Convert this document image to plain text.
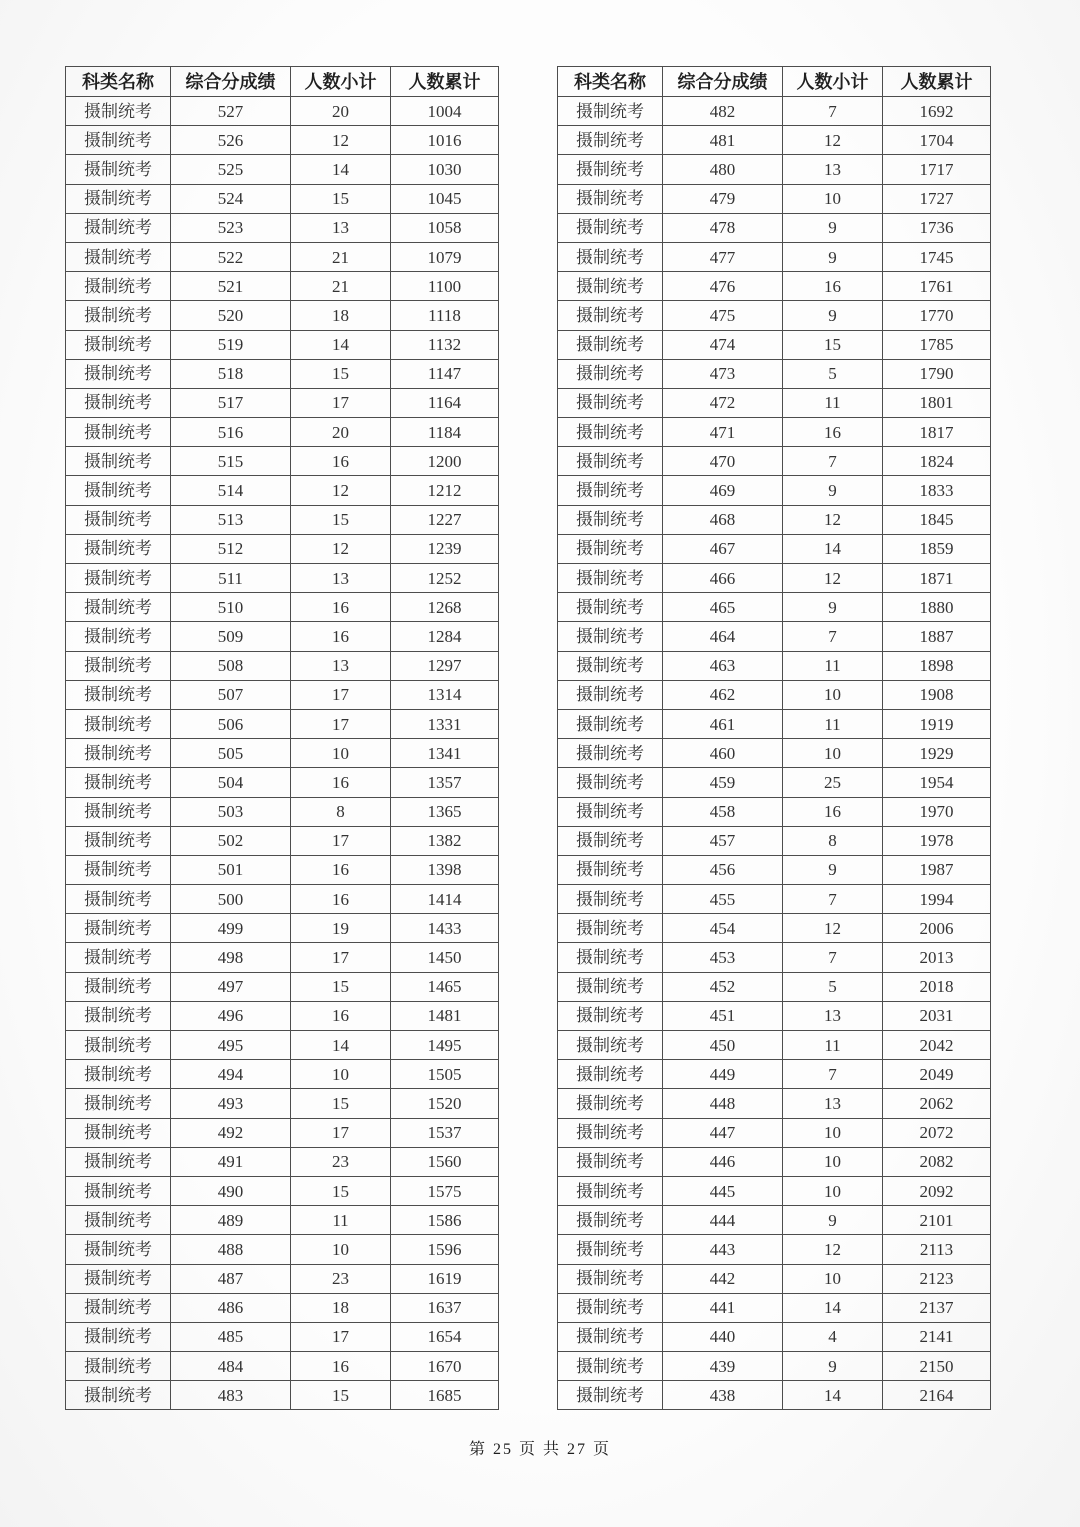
科类名称	综合分成绩	人数小计	人数累计
摄制统考	527	20	1004
摄制统考	526	12	1016
摄制统考	525	14	1030
摄制统考	524	15	1045
摄制统考	523	13	1058
摄制统考	522	21	1079
摄制统考	521	21	1100
摄制统考	520	18	1118
摄制统考	519	14	1132
摄制统考	518	15	1147
摄制统考	517	17	1164
摄制统考	516	20	1184
摄制统考	515	16	1200
摄制统考	514	12	1212
摄制统考	513	15	1227
摄制统考	512	12	1239
摄制统考	511	13	1252
摄制统考	510	16	1268
摄制统考	509	16	1284
摄制统考	508	13	1297
摄制统考	507	17	1314
摄制统考	506	17	1331
摄制统考	505	10	1341
摄制统考	504	16	1357
摄制统考	503	8	1365
摄制统考	502	17	1382
摄制统考	501	16	1398
摄制统考	500	16	1414
摄制统考	499	19	1433
摄制统考	498	17	1450
摄制统考	497	15	1465
摄制统考	496	16	1481
摄制统考	495	14	1495
摄制统考	494	10	1505
摄制统考	493	15	1520
摄制统考	492	17	1537
摄制统考	491	23	1560
摄制统考	490	15	1575
摄制统考	489	11	1586
摄制统考	488	10	1596
摄制统考	487	23	1619
摄制统考	486	18	1637
摄制统考	485	17	1654
摄制统考	484	16	1670
摄制统考	483	15	1685
科类名称	综合分成绩	人数小计	人数累计
摄制统考	482	7	1692
摄制统考	481	12	1704
摄制统考	480	13	1717
摄制统考	479	10	1727
摄制统考	478	9	1736
摄制统考	477	9	1745
摄制统考	476	16	1761
摄制统考	475	9	1770
摄制统考	474	15	1785
摄制统考	473	5	1790
摄制统考	472	11	1801
摄制统考	471	16	1817
摄制统考	470	7	1824
摄制统考	469	9	1833
摄制统考	468	12	1845
摄制统考	467	14	1859
摄制统考	466	12	1871
摄制统考	465	9	1880
摄制统考	464	7	1887
摄制统考	463	11	1898
摄制统考	462	10	1908
摄制统考	461	11	1919
摄制统考	460	10	1929
摄制统考	459	25	1954
摄制统考	458	16	1970
摄制统考	457	8	1978
摄制统考	456	9	1987
摄制统考	455	7	1994
摄制统考	454	12	2006
摄制统考	453	7	2013
摄制统考	452	5	2018
摄制统考	451	13	2031
摄制统考	450	11	2042
摄制统考	449	7	2049
摄制统考	448	13	2062
摄制统考	447	10	2072
摄制统考	446	10	2082
摄制统考	445	10	2092
摄制统考	444	9	2101
摄制统考	443	12	2113
摄制统考	442	10	2123
摄制统考	441	14	2137
摄制统考	440	4	2141
摄制统考	439	9	2150
摄制统考	438	14	2164
第 25 页 共 27 页
